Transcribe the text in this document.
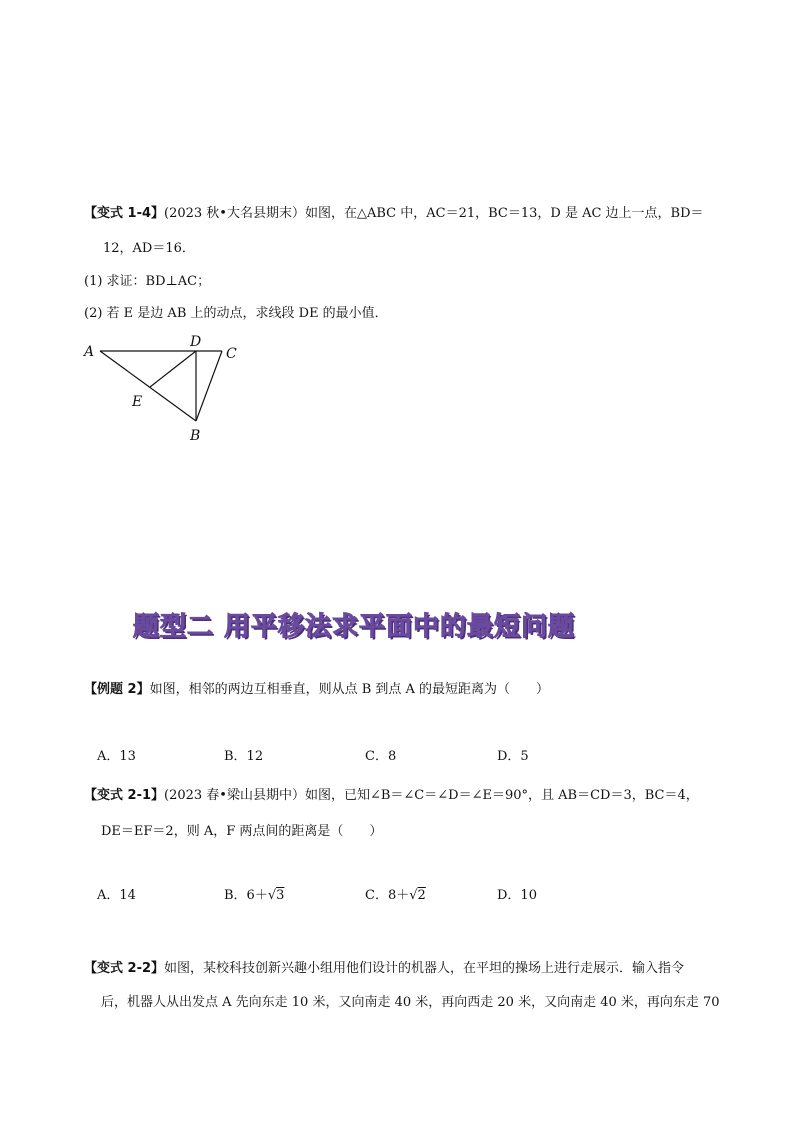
【变式 1-4】(2023 秋•大名县期末）如图，在△ABC 中，AC＝21，BC＝13，D 是 AC 边上一点，BD＝
12，AD＝16．
(1) 求证：BD⊥AC；
(2) 若 E 是边 AB 上的动点，求线段 DE 的最小值．
A
D
C
E
B
题型二 用平移法求平面中的最短问题
【例题 2】如图，相邻的两边互相垂直，则从点 B 到点 A 的最短距离为（　　）
A．13	B．12	C．8	D．5
【变式 2-1】(2023 春•梁山县期中）如图，已知∠B＝∠C＝∠D＝∠E＝90°，且 AB＝CD＝3，BC＝4，
DE＝EF＝2，则 A，F 两点间的距离是（　　）
A．14	B．6＋√3	C．8＋√2	D．10
【变式 2-2】如图，某校科技创新兴趣小组用他们设计的机器人，在平坦的操场上进行走展示．输入指令
后，机器人从出发点 A 先向东走 10 米，又向南走 40 米，再向西走 20 米，又向南走 40 米，再向东走 70
